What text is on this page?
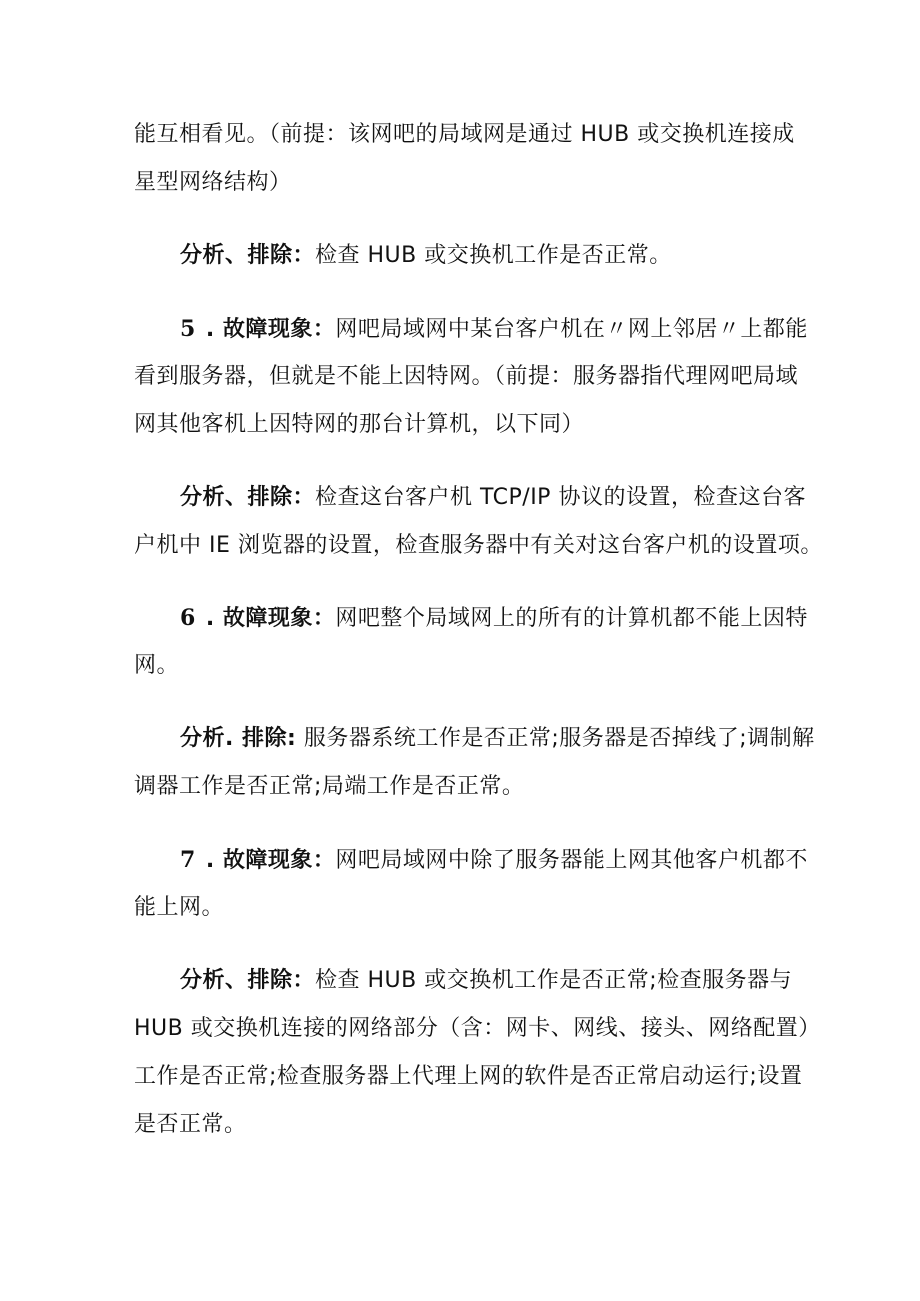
能互相看见。（前提：该网吧的局域网是通过 HUB 或交换机连接成
星型网络结构）
分析、排除：检查 HUB 或交换机工作是否正常。
5 . 故障现象：网吧局域网中某台客户机在〃网上邻居〃上都能
看到服务器，但就是不能上因特网。（前提：服务器指代理网吧局域
网其他客机上因特网的那台计算机，以下同）
分析、排除：检查这台客户机 TCP/IP 协议的设置，检查这台客
户机中 IE 浏览器的设置，检查服务器中有关对这台客户机的设置项。
6 . 故障现象：网吧整个局域网上的所有的计算机都不能上因特
网。
分析. 排除: 服务器系统工作是否正常;服务器是否掉线了;调制解
调器工作是否正常;局端工作是否正常。
7 . 故障现象：网吧局域网中除了服务器能上网其他客户机都不
能上网。
分析、排除：检查 HUB 或交换机工作是否正常;检查服务器与
HUB 或交换机连接的网络部分（含：网卡、网线、接头、网络配置）
工作是否正常;检查服务器上代理上网的软件是否正常启动运行;设置
是否正常。
